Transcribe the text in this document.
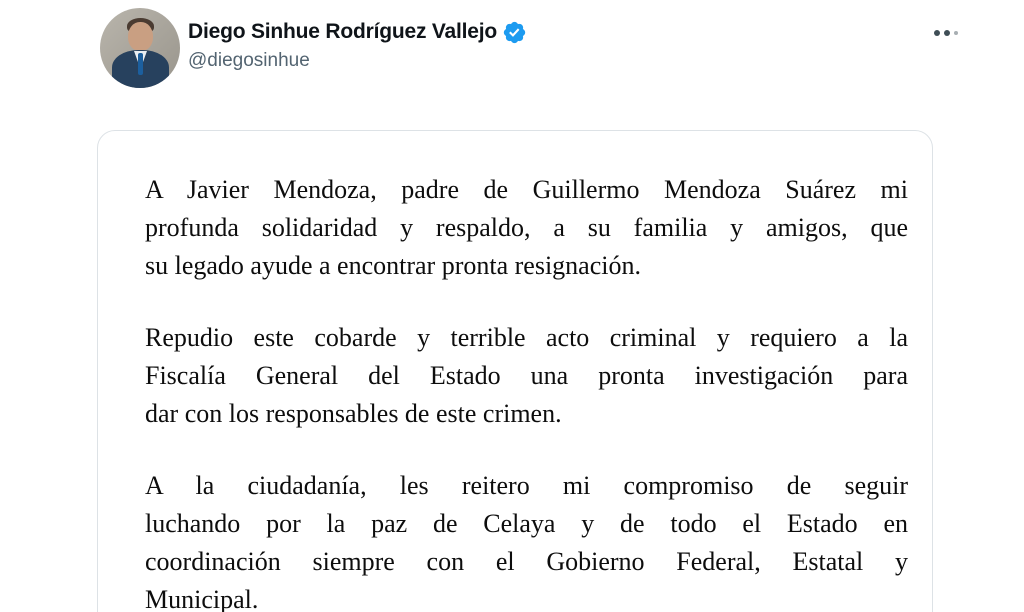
Diego Sinhue Rodríguez Vallejo
@diegosinhue
A Javier Mendoza, padre de Guillermo Mendoza Suárez mi
profunda solidaridad y respaldo, a su familia y amigos, que
su legado ayude a encontrar pronta resignación.
Repudio este cobarde y terrible acto criminal y requiero a la
Fiscalía General del Estado una pronta investigación para
dar con los responsables de este crimen.
A la ciudadanía, les reitero mi compromiso de seguir
luchando por la paz de Celaya y de todo el Estado en
coordinación siempre con el Gobierno Federal, Estatal y
Municipal.
